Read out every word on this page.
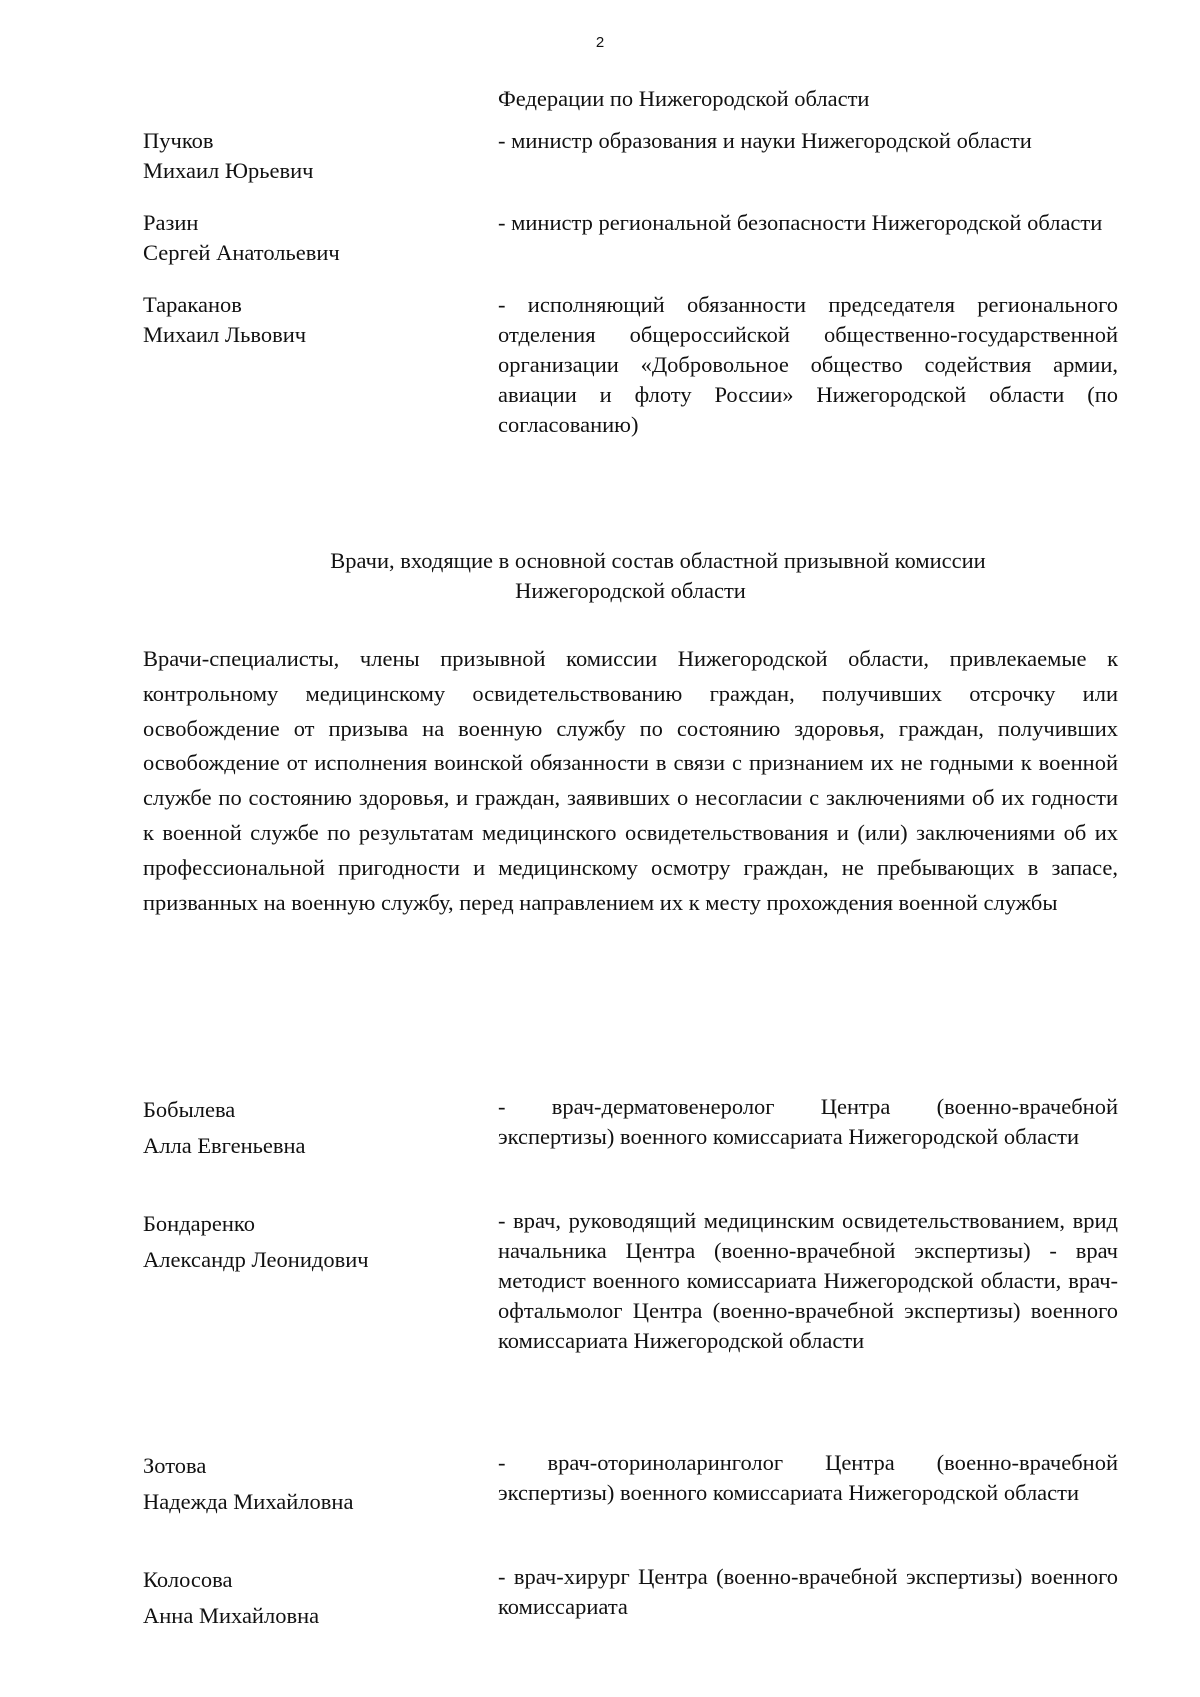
2
Федерации по Нижегородской области
Пучков
Михаил Юрьевич
- министр образования и науки Нижегородской области
Разин
Сергей Анатольевич
- министр региональной безопасности Нижегородской области
Тараканов
Михаил Львович
- исполняющий обязанности председателя регионального отделения общероссийской общественно-государственной организации «Добровольное общество содействия армии, авиации и флоту России» Нижегородской области (по согласованию)
Врачи, входящие в основной состав областной призывной комиссии
Нижегородской области
Врачи-специалисты, члены призывной комиссии Нижегородской области, привлекаемые к контрольному медицинскому освидетельствованию граждан, получивших отсрочку или освобождение от призыва на военную службу по состоянию здоровья, граждан, получивших освобождение от исполнения воинской обязанности в связи с признанием их не годными к военной службе по состоянию здоровья, и граждан, заявивших о несогласии с заключениями об их годности к военной службе по результатам медицинского освидетельствования и (или) заключениями об их профессиональной пригодности и медицинскому осмотру граждан, не пребывающих в запасе, призванных на военную службу, перед направлением их к месту прохождения военной службы
Бобылева
Алла Евгеньевна
- врач-дерматовенеролог Центра (военно-врачебной экспертизы) военного комиссариата Нижегородской области
Бондаренко
Александр Леонидович
- врач, руководящий медицинским освидетельствованием, врид начальника Центра (военно-врачебной экспертизы) - врач методист военного комиссариата Нижегородской области, врач-офтальмолог Центра (военно-врачебной экспертизы) военного комиссариата Нижегородской области
Зотова
Надежда Михайловна
- врач-оториноларинголог Центра (военно-врачебной экспертизы) военного комиссариата Нижегородской области
Колосова
Анна Михайловна
- врач-хирург Центра (военно-врачебной экспертизы) военного комиссариата
